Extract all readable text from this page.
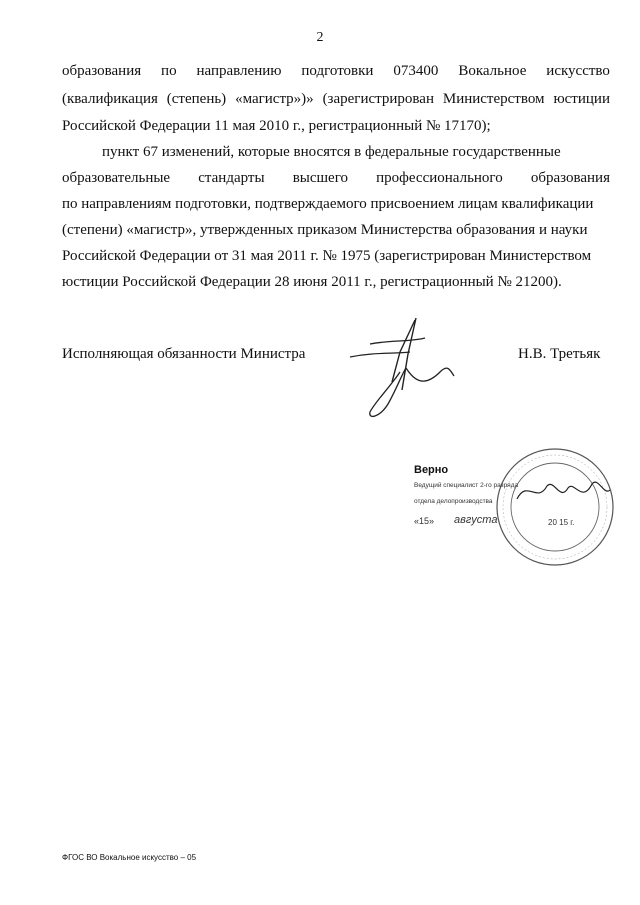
2
образования по направлению подготовки 073400 Вокальное искусство
(квалификация (степень) «магистр»)» (зарегистрирован Министерством юстиции
Российской Федерации 11 мая 2010 г., регистрационный № 17170);
пункт 67 изменений, которые вносятся в федеральные государственные
образовательные стандарты высшего профессионального образования
по направлениям подготовки, подтверждаемого присвоением лицам квалификации
(степени) «магистр», утвержденных приказом Министерства образования и науки
Российской Федерации от 31 мая 2011 г. № 1975 (зарегистрирован Министерством
юстиции Российской Федерации 28 июня 2011 г., регистрационный № 21200).
Исполняющая обязанности Министра	Н.В. Третьяк
Верно
Ведущий специалист 2-го разряда
отдела делопроизводства
«15» августа	20 15 г.
ФГОС ВО Вокальное искусство – 05
